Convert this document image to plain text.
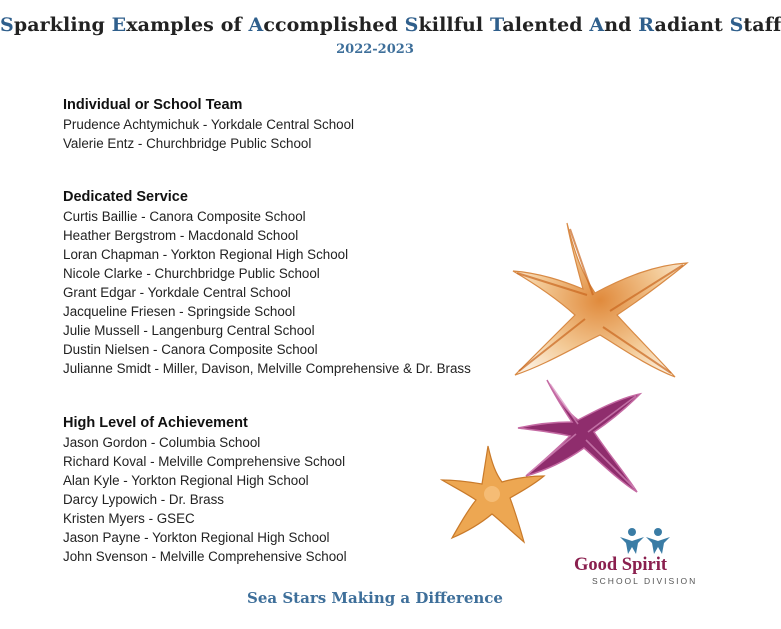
Sparkling Examples of Accomplished Skillful Talented And Radiant Staff
2022-2023
Individual or School Team
Prudence Achtymichuk - Yorkdale Central School
Valerie Entz - Churchbridge Public School
Dedicated Service
Curtis Baillie - Canora Composite School
Heather Bergstrom - Macdonald School
Loran Chapman - Yorkton Regional High School
Nicole Clarke - Churchbridge Public School
Grant Edgar - Yorkdale Central School
Jacqueline Friesen - Springside School
Julie Mussell - Langenburg Central School
Dustin Nielsen - Canora Composite School
Julianne Smidt - Miller, Davison, Melville Comprehensive & Dr. Brass
High Level of Achievement
Jason Gordon - Columbia School
Richard Koval - Melville Comprehensive School
Alan Kyle - Yorkton Regional High School
Darcy Lypowich - Dr. Brass
Kristen Myers - GSEC
Jason Payne - Yorkton Regional High School
John Svenson - Melville Comprehensive School	Good Spirit
SCHOOL DIVISION
Sea Stars Making a Difference
